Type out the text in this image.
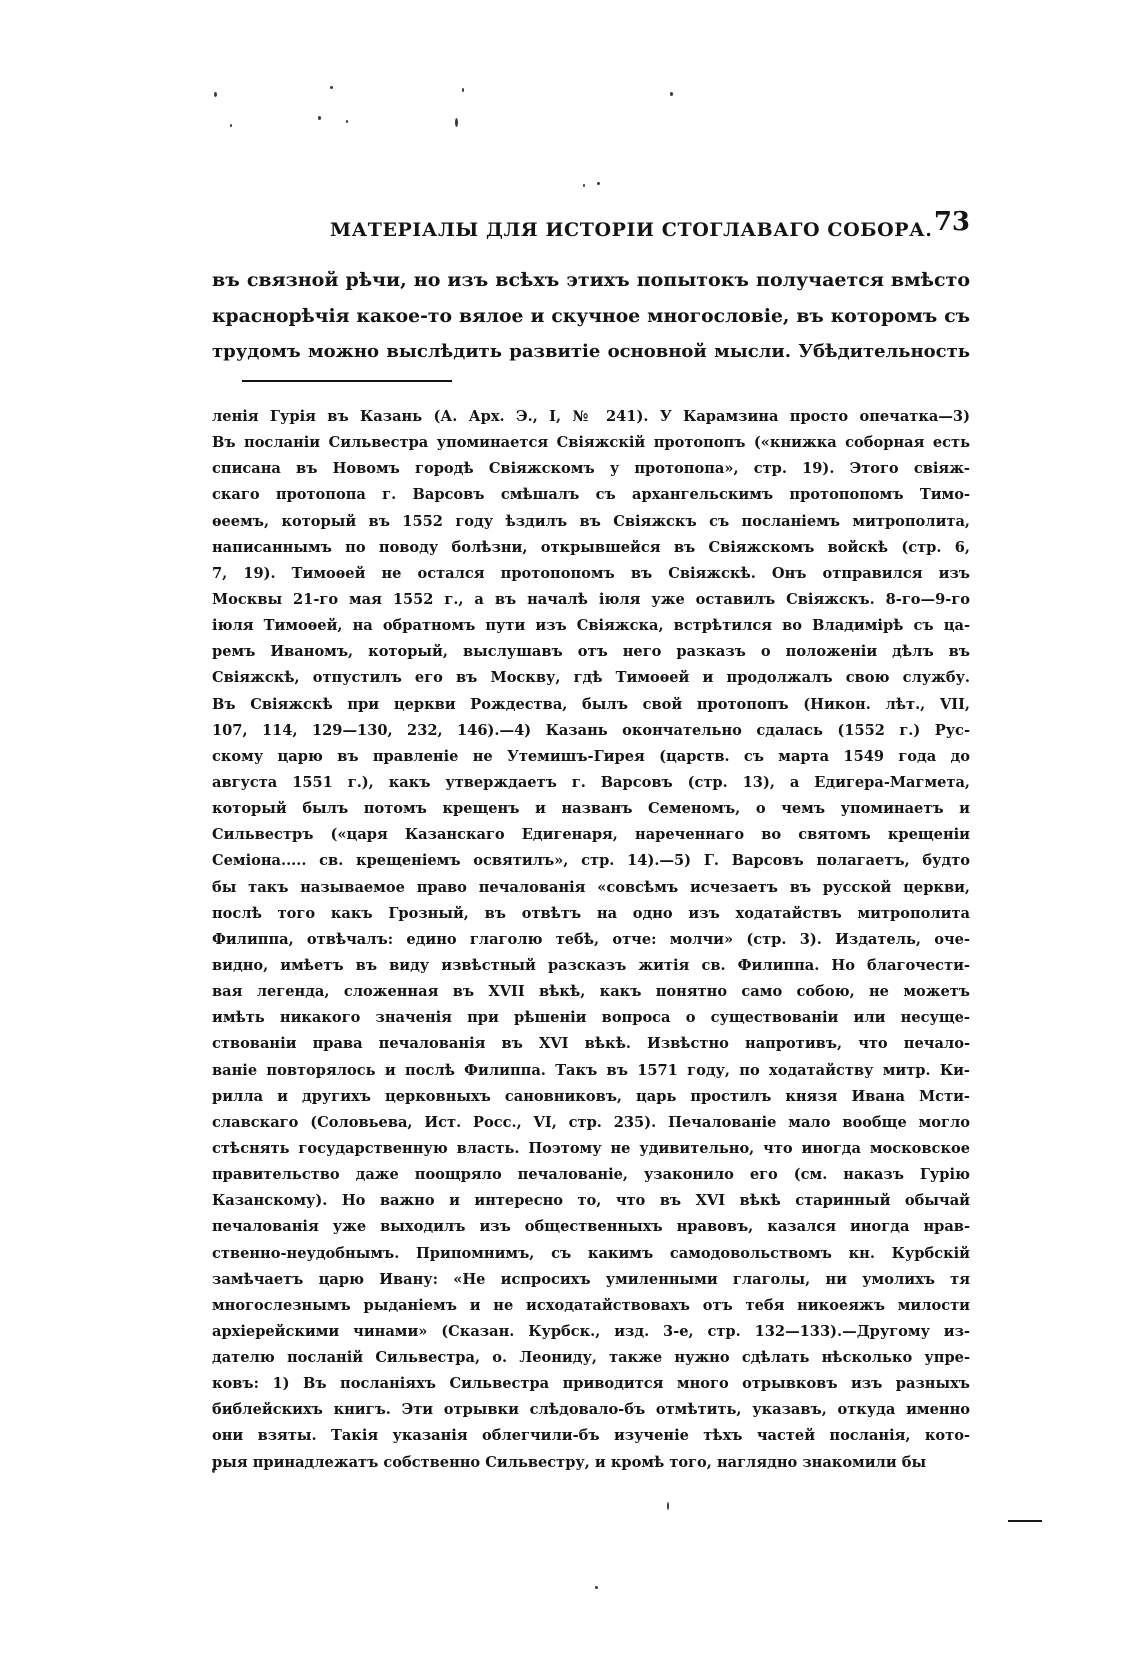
МАТЕРІАЛЫ ДЛЯ ИСТОРІИ СТОГЛАВАГО СОБОРА. 73
въ связной рѣчи, но изъ всѣхъ этихъ попытокъ получается вмѣсто
краснорѣчія какое-то вялое и скучное многословіе, въ которомъ съ
трудомъ можно выслѣдить развитіе основной мысли. Убѣдительность
ленія Гурія въ Казань (А. Арх. Э., I, № 241). У Карамзина просто опечатка—3)
Въ посланіи Сильвестра упоминается Свіяжскій протопопъ («книжка соборная есть
списана въ Новомъ городѣ Свіяжскомъ у протопопа», стр. 19). Этого свіяж-
скаго протопопа г. Варсовъ смѣшалъ съ архангельскимъ протопопомъ Тимо-
ѳеемъ, который въ 1552 году ѣздилъ въ Свіяжскъ съ посланіемъ митрополита,
написаннымъ по поводу болѣзни, открывшейся въ Свіяжскомъ войскѣ (стр. 6,
7, 19). Тимоѳей не остался протопопомъ въ Свіяжскѣ. Онъ отправился изъ
Москвы 21-го мая 1552 г., а въ началѣ іюля уже оставилъ Свіяжскъ. 8-го—9-го
іюля Тимоѳей, на обратномъ пути изъ Свіяжска, встрѣтился во Владимірѣ съ ца-
ремъ Иваномъ, который, выслушавъ отъ него разказъ о положеніи дѣлъ въ
Свіяжскѣ, отпустилъ его въ Москву, гдѣ Тимоѳей и продолжалъ свою службу.
Въ Свіяжскѣ при церкви Рождества, былъ свой протопопъ (Никон. лѣт., VII,
107, 114, 129—130, 232, 146).—4) Казань окончательно сдалась (1552 г.) Рус-
скому царю въ правленіе не Утемишъ-Гирея (царств. съ марта 1549 года до
августа 1551 г.), какъ утверждаетъ г. Варсовъ (стр. 13), а Едигера-Магмета,
который былъ потомъ крещенъ и названъ Семеномъ, о чемъ упоминаетъ и
Сильвестръ («царя Казанскаго Едигенаря, нареченнаго во святомъ крещеніи
Семіона..... св. крещеніемъ освятилъ», стр. 14).—5) Г. Варсовъ полагаетъ, будто
бы такъ называемое право печалованія «совсѣмъ исчезаетъ въ русской церкви,
послѣ того какъ Грозный, въ отвѣтъ на одно изъ ходатайствъ митрополита
Филиппа, отвѣчалъ: едино глаголю тебѣ, отче: молчи» (стр. 3). Издатель, оче-
видно, имѣетъ въ виду извѣстный разсказъ житія св. Филиппа. Но благочести-
вая легенда, сложенная въ XVII вѣкѣ, какъ понятно само собою, не можетъ
имѣть никакого значенія при рѣшеніи вопроса о существованіи или несуще-
ствованіи права печалованія въ XVI вѣкѣ. Извѣстно напротивъ, что печало-
ваніе повторялось и послѣ Филиппа. Такъ въ 1571 году, по ходатайству митр. Ки-
рилла и другихъ церковныхъ сановниковъ, царь простилъ князя Ивана Мсти-
славскаго (Соловьева, Ист. Росс., VI, стр. 235). Печалованіе мало вообще могло
стѣснять государственную власть. Поэтому не удивительно, что иногда московское
правительство даже поощряло печалованіе, узаконило его (см. наказъ Гурію
Казанскому). Но важно и интересно то, что въ XVI вѣкѣ старинный обычай
печалованія уже выходилъ изъ общественныхъ нравовъ, казался иногда нрав-
ственно-неудобнымъ. Припомнимъ, съ какимъ самодовольствомъ кн. Курбскій
замѣчаетъ царю Ивану: «Не испросихъ умиленными глаголы, ни умолихъ тя
многослезнымъ рыданіемъ и не исходатайствовахъ отъ тебя никоеяжъ милости
архіерейскими чинами» (Сказан. Курбск., изд. 3-е, стр. 132—133).—Другому из-
дателю посланій Сильвестра, о. Леониду, также нужно сдѣлать нѣсколько упре-
ковъ: 1) Въ посланіяхъ Сильвестра приводится много отрывковъ изъ разныхъ
библейскихъ книгъ. Эти отрывки слѣдовало-бъ отмѣтить, указавъ, откуда именно
они взяты. Такія указанія облегчили-бъ изученіе тѣхъ частей посланія, кото-
рыя принадлежатъ собственно Сильвестру, и кромѣ того, наглядно знакомили бы
